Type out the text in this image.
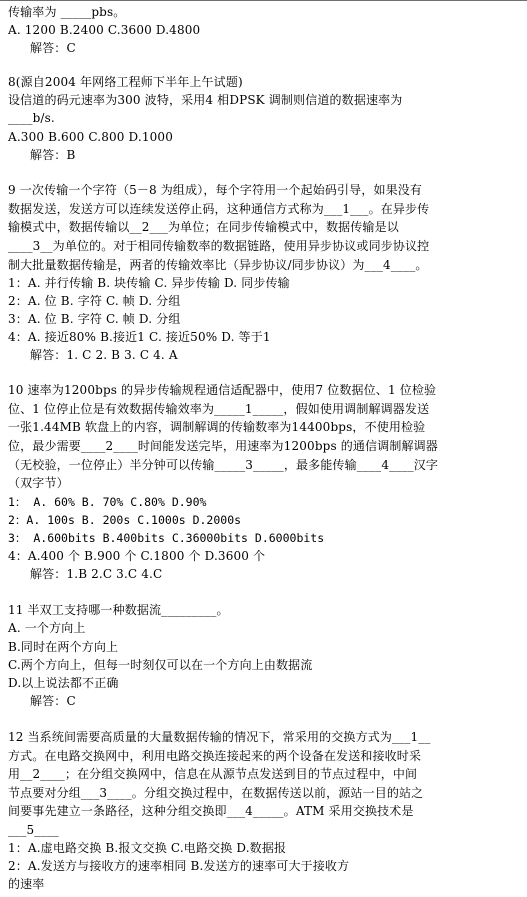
传输率为 _____pbs。
A. 1200 B.2400 C.3600 D.4800
解答：C
8(源自2004 年网络工程师下半年上午试题)
设信道的码元速率为300 波特，采用4 相DPSK 调制则信道的数据速率为
____b/s.
A.300 B.600 C.800 D.1000
解答：B
9 一次传输一个字符（5－8 为组成），每个字符用一个起始码引导，如果没有
数据发送，发送方可以连续发送停止码，这种通信方式称为___1___。在异步传
输模式中，数据传输以__2___为单位；在同步传输模式中，数据传输是以
____3__为单位的。对于相同传输数率的数据链路，使用异步协议或同步协议控
制大批量数据传输是，两者的传输效率比（异步协议/同步协议）为___4____。
1：A. 并行传输 B. 块传输 C. 异步传输 D. 同步传输
2：A. 位 B. 字符 C. 帧 D. 分组
3：A. 位 B. 字符 C. 帧 D. 分组
4：A. 接近80% B.接近1 C. 接近50% D. 等于1
解答：1. C 2. B 3. C 4. A
10 速率为1200bps 的异步传输规程通信适配器中，使用7 位数据位、1 位检验
位、1 位停止位是有效数据传输效率为_____1_____，假如使用调制解调器发送
一张1.44MB 软盘上的内容，调制解调的传输数率为14400bps，不使用检验
位，最少需要____2____时间能发送完毕，用速率为1200bps 的通信调制解调器
（无校验，一位停止）半分钟可以传输_____3_____，最多能传输____4____汉字
（双字节）
1： A. 60% B. 70% C.80% D.90%
2：A. 100s B. 200s C.1000s D.2000s
3： A.600bits B.400bits C.36000bits D.6000bits
4：A.400 个 B.900 个 C.1800 个 D.3600 个
解答：1.B 2.C 3.C 4.C
11 半双工支持哪一种数据流_________。
A. 一个方向上
B.同时在两个方向上
C.两个方向上，但每一时刻仅可以在一个方向上由数据流
D.以上说法都不正确
解答：C
12 当系统间需要高质量的大量数据传输的情况下，常采用的交换方式为___1__
方式。在电路交换网中，利用电路交换连接起来的两个设备在发送和接收时采
用__2____；在分组交换网中，信息在从源节点发送到目的节点过程中，中间
节点要对分组___3____。分组交换过程中，在数据传送以前，源站一目的站之
间要事先建立一条路径，这种分组交换即___4_____。ATM 采用交换技术是
___5____
1：A.虚电路交换 B.报文交换 C.电路交换 D.数据报
2：A.发送方与接收方的速率相同 B.发送方的速率可大于接收方
的速率
